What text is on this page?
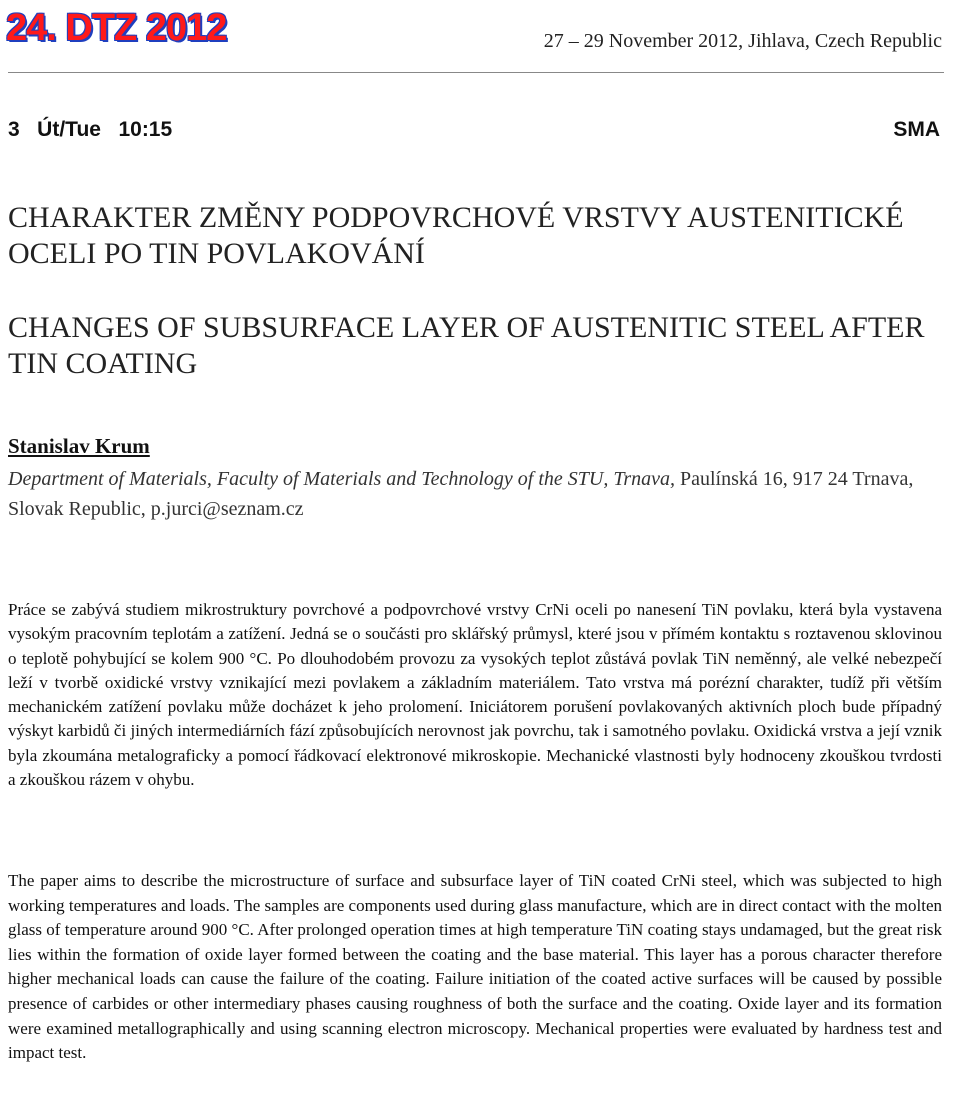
24. DTZ 2012	27 – 29 November 2012, Jihlava, Czech Republic
3   Út/Tue   10:15	SMA
CHARAKTER ZMĚNY PODPOVRCHOVÉ VRSTVY AUSTENITICKÉ OCELI PO TIN POVLAKOVÁNÍ
CHANGES OF SUBSURFACE LAYER OF AUSTENITIC STEEL AFTER TIN COATING
Stanislav Krum
Department of Materials, Faculty of Materials and Technology of the STU, Trnava, Paulínská 16, 917 24 Trnava, Slovak Republic, p.jurci@seznam.cz

Práce se zabývá studiem mikrostruktury povrchové a podpovrchové vrstvy CrNi oceli po nanesení TiN povlaku, která byla vystavena vysokým pracovním teplotám a zatížení. Jedná se o součásti pro sklářský průmysl, které jsou v přímém kontaktu s roztavenou sklovinou o teplotě pohybující se kolem 900 °C. Po dlouhodobém provozu za vysokých teplot zůstává povlak TiN neměnný, ale velké nebezpečí leží v tvorbě oxidické vrstvy vznikající mezi povlakem a základním materiálem. Tato vrstva má porézní charakter, tudíž při větším mechanickém zatížení povlaku může docházet k jeho prolomení. Iniciátorem porušení povlakovaných aktivních ploch bude případný výskyt karbidů či jiných intermediárních fází způsobujících nerovnost jak povrchu, tak i samotného povlaku. Oxidická vrstva a její vznik byla zkoumána metalograficky a pomocí řádkovací elektronové mikroskopie. Mechanické vlastnosti byly hodnoceny zkouškou tvrdosti a zkouškou rázem v ohybu.

The paper aims to describe the microstructure of surface and subsurface layer of TiN coated CrNi steel, which was subjected to high working temperatures and loads. The samples are components used during glass manufacture, which are in direct contact with the molten glass of temperature around 900 °C. After prolonged operation times at high temperature TiN coating stays undamaged, but the great risk lies within the formation of oxide layer formed between the coating and the base material. This layer has a porous character therefore higher mechanical loads can cause the failure of the coating. Failure initiation of the coated active surfaces will be caused by possible presence of carbides or other intermediary phases causing roughness of both the surface and the coating. Oxide layer and its formation were examined metallographically and using scanning electron microscopy. Mechanical properties were evaluated by hardness test and impact test.
